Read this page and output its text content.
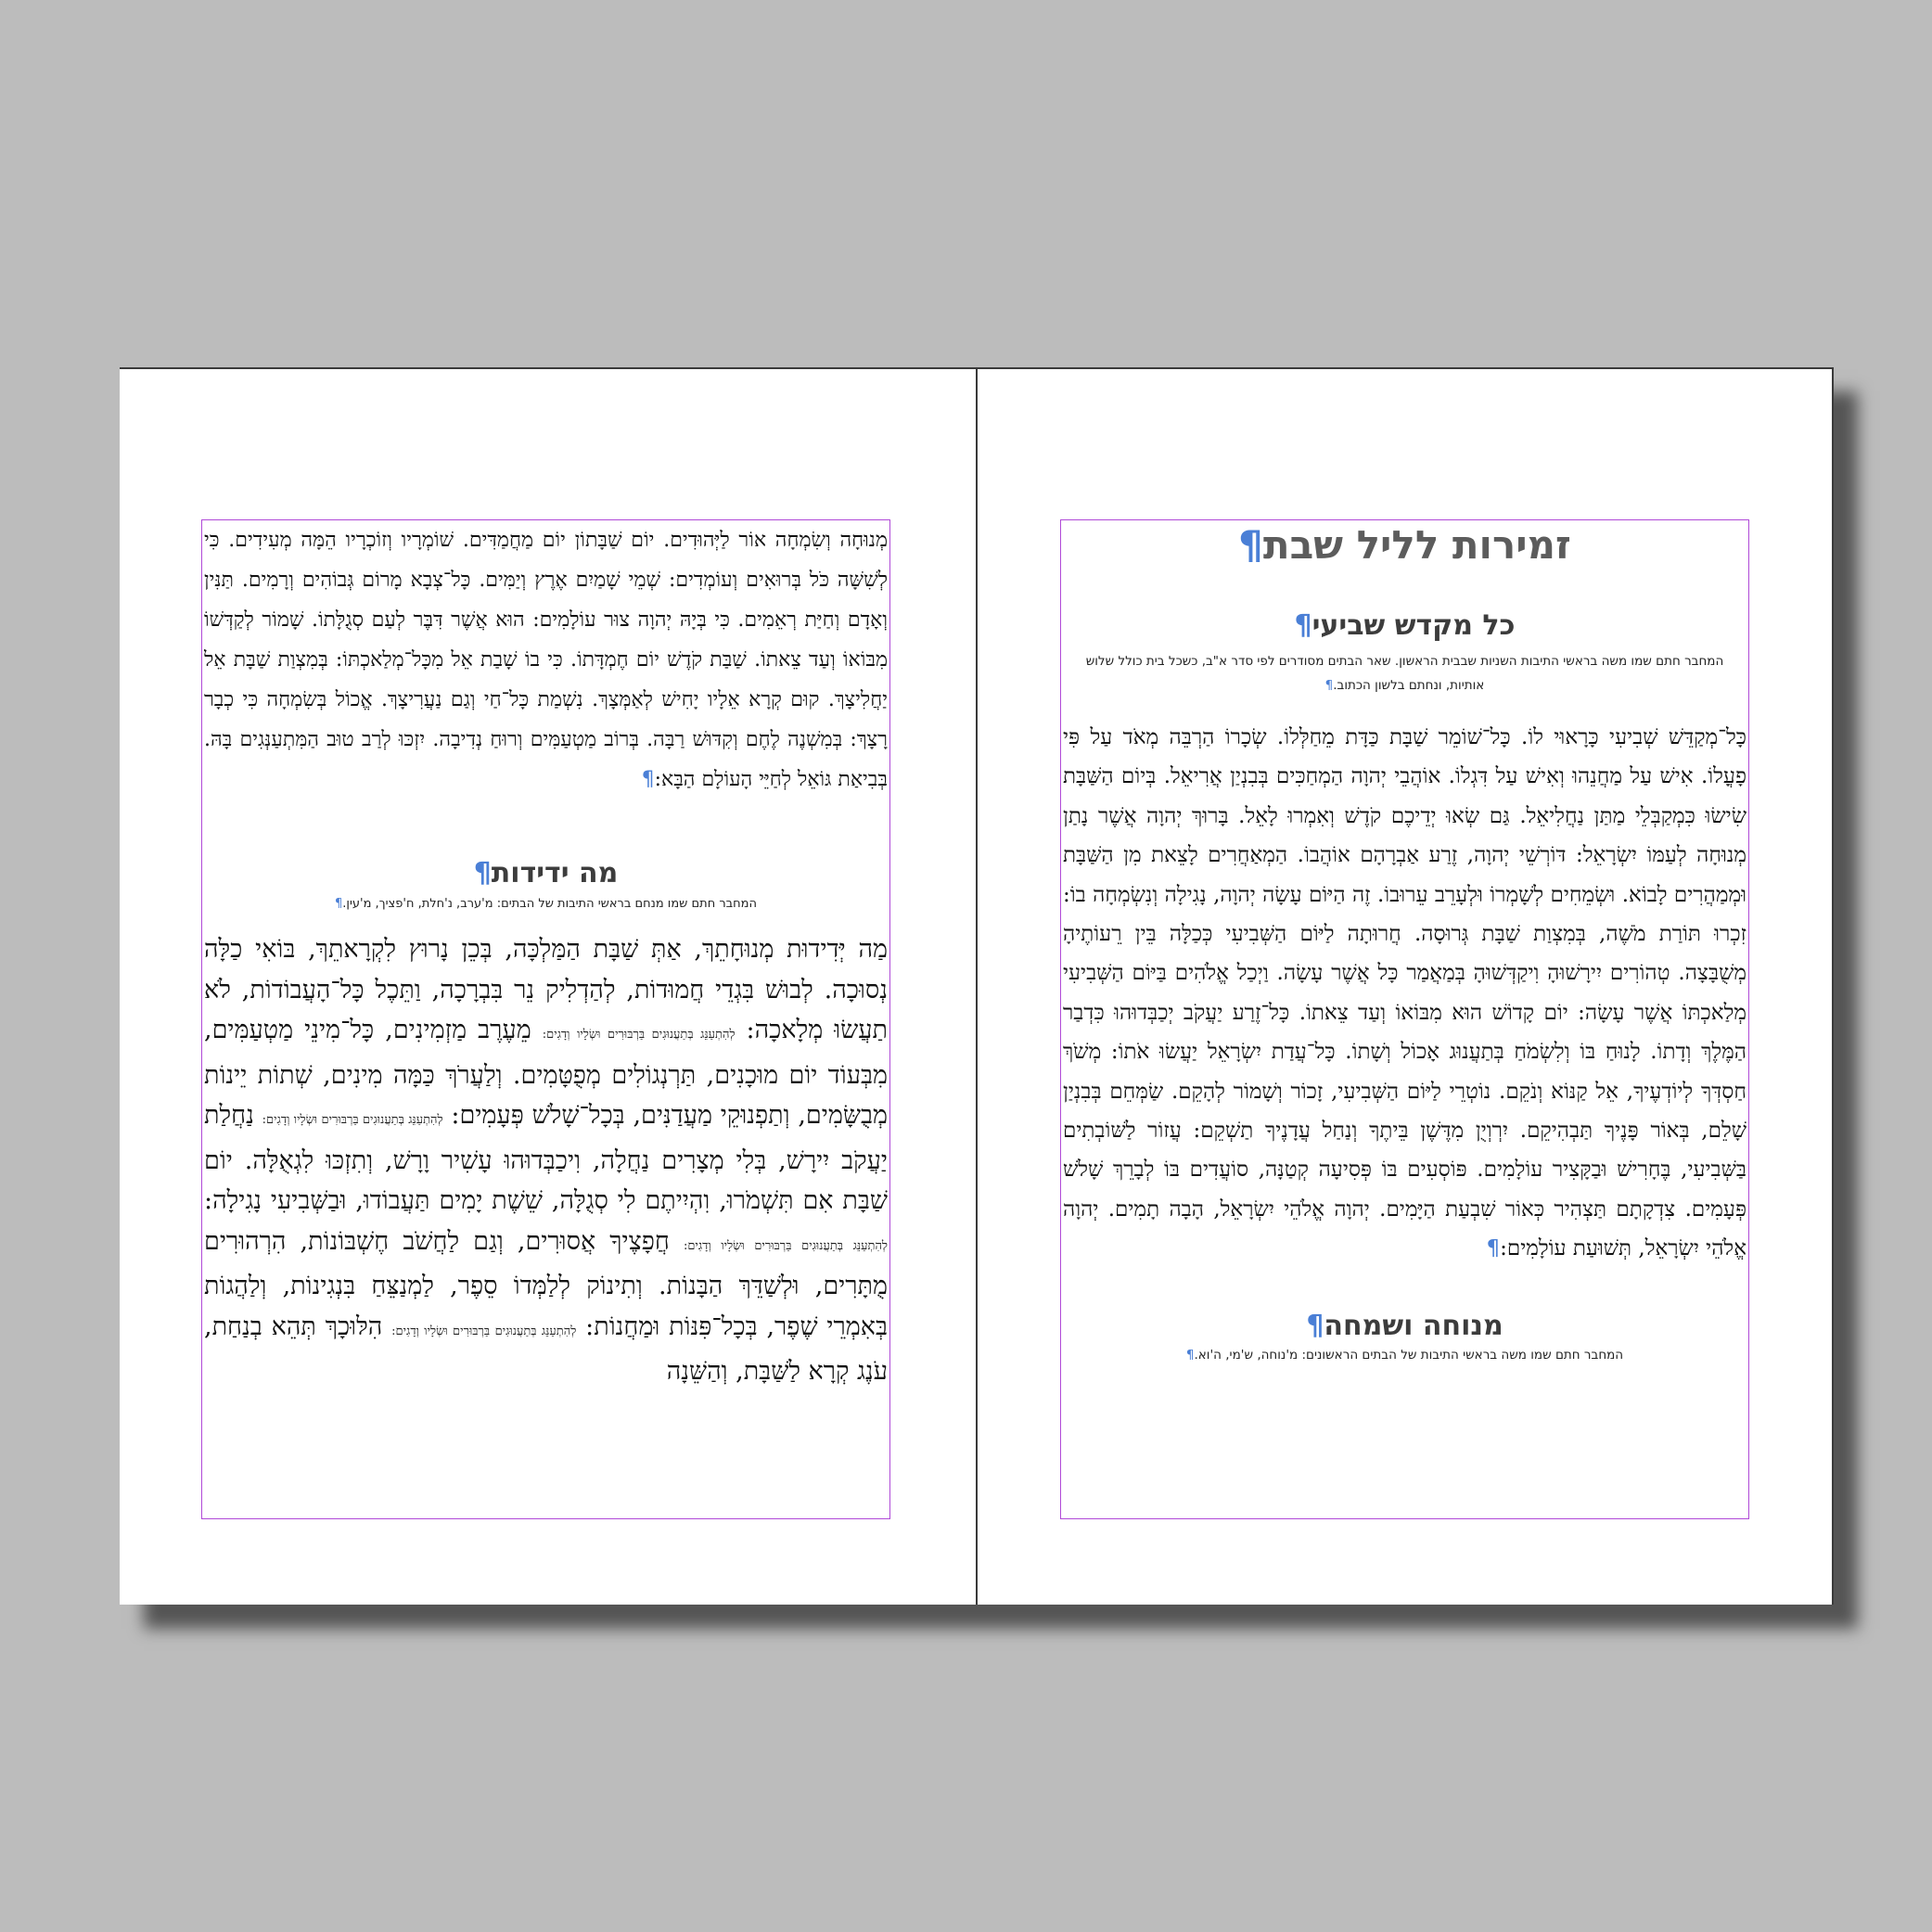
מְנוּחָה וְשִׂמְחָה אוֹר לַיְּהוּדִים. יוֹם שַׁבָּתוֹן יוֹם מַחֲמַדִּים. שׁוֹמְרָיו וְזוֹכְרָיו הֵמָּה מְעִידִים. כִּי לְשִׁשָּׁה כֹּל בְּרוּאִים וְעוֹמְדִים: שְׁמֵי שָׁמַיִם אֶרֶץ וְיַמִּים. כָּל־צְבָא מָרוֹם גְּבוֹהִים וְרָמִים. תַּנִּין וְאָדָם וְחַיַּת רְאֵמִים. כִּי בְּיָהּ יְהוָה צוּר עוֹלָמִים: הוּא אֲשֶׁר דִּבֶּר לְעַם סְגֻלָּתוֹ. שָׁמוֹר לְקַדְּשׁוֹ מִבּוֹאוֹ וְעַד צֵאתוֹ. שַׁבַּת קֹדֶשׁ יוֹם חֶמְדָּתוֹ. כִּי בוֹ שָׁבַת אֵל מִכָּל־מְלַאכְתּוֹ: בְּמִצְוַת שַׁבָּת אֵל יַחֲלִיצָךְ. קוּם קְרָא אֵלָיו יָחִישׁ לְאַמְּצָךְ. נִשְׁמַת כָּל־חַי וְגַם נַעֲרִיצָךְ. אֱכוֹל בְּשִׂמְחָה כִּי כְבָר רָצָךְ: בְּמִשְׁנֶה לֶחֶם וְקִדּוּשׁ רַבָּה. בְּרוֹב מַטְעַמִּים וְרוּחַ נְדִיבָה. יִזְכּוּ לְרַב טוּב הַמִּתְעַנְּגִים בָּהּ. בְּבִיאַת גּוֹאֵל לְחַיֵּי הָעוֹלָם הַבָּא:¶

מה ידידות¶
המחבר חתם שמו מנחם בראשי התיבות של הבתים: מ'ערב, נ'חלת, ח'פציך, מ'עין.¶

מַה יְּדִידוּת מְנוּחָתֵךְ, אַתְּ שַׁבָּת הַמַּלְכָּה, בְּכֵן נָרוּץ לִקְרָאתֵךְ, בּוֹאִי כַלָּה נְסוּכָה. לְבוּשׁ בִּגְדֵי חֲמוּדוֹת, לְהַדְלִיק נֵר בִּבְרָכָה, וַתֵּכֶל כָּל־הָעֲבוֹדוֹת, לֹא תַעֲשׂוּ מְלָאכָה: לְהִתְעַנֵּג בְּתַעֲנוּגִים בַּרְבּוּרִים וּשְׂלָיו וְדָגִים: מֵעֶרֶב מַזְמִינִים, כָּל־מִינֵי מַטְעַמִּים, מִבְּעוֹד יוֹם מוּכָנִים, תַּרְנְגוֹלִים מְפֻטָּמִים. וְלַעֲרֹךְ כַּמָּה מִינִים, שְׁתוֹת יֵינוֹת מְבֻשָּׂמִים, וְתַפְנוּקֵי מַעֲדַנִּים, בְּכָל־שָׁלֹשׁ פְּעָמִים: לְהִתְעַנֵּג בְּתַעֲנוּגִים בַּרְבּוּרִים וּשְׂלָיו וְדָגִים: נַחֲלַת יַעֲקֹב יִירָשׁ, בְּלִי מְצָרִים נַחֲלָה, וִיכַבְּדוּהוּ עָשִׁיר וָרָשׁ, וְתִזְכּוּ לִגְאֻלָּה. יוֹם שַׁבָּת אִם תִּשְׁמֹרוּ, וִהְיִיתֶם לִי סְגֻלָּה, שֵׁשֶׁת יָמִים תַּעֲבוֹדוּ, וּבַשְּׁבִיעִי נָגִילָה: לְהִתְעַנֵּג בְּתַעֲנוּגִים בַּרְבּוּרִים וּשְׂלָיו וְדָגִים: חֲפָצֶיךָ אֲסוּרִים, וְגַם לַחֲשֹׁב חֶשְׁבּוֹנוֹת, הִרְהוּרִים מֻתָּרִים, וּלְשַׁדֵּךְ הַבָּנוֹת. וְתִינוֹק לְלַמְּדוֹ סֵפֶר, לַמְנַצֵּחַ בִּנְגִינוֹת, וְלַהֲגוֹת בְּאִמְרֵי שֶׁפֶר, בְּכָל־פִּנּוֹת וּמַחֲנוֹת: לְהִתְעַנֵּג בְּתַעֲנוּגִים בַּרְבּוּרִים וּשְׂלָיו וְדָגִים: הִלּוּכָךְ תְּהֵא בְנַחַת, עֹנֶג קְרָא לַשַּׁבָּת, וְהַשֵּׁנָה

זמירות לליל שבת¶
כל מקדש שביעי¶
המחבר חתם שמו משה בראשי התיבות השניות שבבית הראשון. שאר הבתים מסודרים לפי סדר א"ב, כשכל בית כולל שלוש אותיות, ונחתם בלשון הכתוב.¶

כָּל־מְקַדֵּשׁ שְׁבִיעִי כָּרָאוּי לוֹ. כָּל־שׁוֹמֵר שַׁבָּת כַּדָּת מֵחַלְּלוֹ. שְׂכָרוֹ הַרְבֵּה מְאֹד עַל פִּי פָעֳלוֹ. אִישׁ עַל מַחֲנֵהוּ וְאִישׁ עַל דִּגְלוֹ. אוֹהֲבֵי יְהוָה הַמְחַכִּים בְּבִנְיַן אֲרִיאֵל. בְּיוֹם הַשַּׁבָּת שִׂישׂוּ כִּמְקַבְּלֵי מַתַּן נַחֲלִיאֵל. גַּם שְׂאוּ יְדֵיכֶם קֹדֶשׁ וְאִמְרוּ לָאֵל. בָּרוּךְ יְהוָה אֲשֶׁר נָתַן מְנוּחָה לְעַמּוֹ יִשְׂרָאֵל: דּוֹרְשֵׁי יְהוָה, זֶרַע אַבְרָהָם אוֹהֲבוֹ. הַמְאַחֲרִים לָצֵאת מִן הַשַּׁבָּת וּמְמַהֲרִים לָבוֹא. וּשְׂמֵחִים לְשָׁמְרוֹ וּלְעָרֵב עֵרוּבוֹ. זֶה הַיּוֹם עָשָׂה יְהוָה, נָגִילָה וְנִשְׂמְחָה בוֹ: זִכְרוּ תּוֹרַת מֹשֶׁה, בְּמִצְוַת שַׁבָּת גְּרוּסָה. חֲרוּתָה לַיּוֹם הַשְּׁבִיעִי כְּכַלָּה בֵּין רֵעוֹתֶיהָ מְשֻׁבָּצָה. טְהוֹרִים יִירָשׁוּהָ וִיקַדְּשׁוּהָ בְּמַאֲמַר כָּל אֲשֶׁר עָשָׂה. וַיְכַל אֱלֹהִים בַּיּוֹם הַשְּׁבִיעִי מְלַאכְתּוֹ אֲשֶׁר עָשָׂה: יוֹם קָדוֹשׁ הוּא מִבּוֹאוֹ וְעַד צֵאתוֹ. כָּל־זֶרַע יַעֲקֹב יְכַבְּדוּהוּ כִּדְבַר הַמֶּלֶךְ וְדָתוֹ. לָנוּחַ בּוֹ וְלִשְׂמֹחַ בְּתַעֲנוּג אָכוֹל וְשָׁתוֹ. כָּל־עֲדַת יִשְׂרָאֵל יַעֲשׂוּ אֹתוֹ: מְשֹׁךְ חַסְדְּךָ לְיוֹדְעֶיךָ, אֵל קַנּוֹא וְנֹקֵם. נוֹטְרֵי לַיּוֹם הַשְּׁבִיעִי, זָכוֹר וְשָׁמוֹר לְהָקֵם. שַׂמְּחֵם בְּבִנְיַן שָׁלֵם, בְּאוֹר פָּנֶיךָ תַּבְהִיקֵם. יִרְוְיֻן מִדֶּשֶׁן בֵּיתֶךָ וְנַחַל עֲדָנֶיךָ תַשְׁקֵם: עֲזוֹר לַשּׁוֹבְתִים בַּשְּׁבִיעִי, בֶּחָרִישׁ וּבַקָּצִיר עוֹלָמִים. פּוֹסְעִים בּוֹ פְּסִיעָה קְטַנָּה, סוֹעֲדִים בּוֹ לְבָרֵךְ שָׁלֹשׁ פְּעָמִים. צִדְקָתָם תַּצְהִיר כְּאוֹר שִׁבְעַת הַיָּמִים. יְהוָה אֱלֹהֵי יִשְׂרָאֵל, הָבָה תָמִים. יְהוָה אֱלֹהֵי יִשְׂרָאֵל, תְּשׁוּעַת עוֹלָמִים:¶

מנוחה ושמחה¶
המחבר חתם שמו משה בראשי התיבות של הבתים הראשונים: מ'נוחה, ש'מי, ה'וא.¶
